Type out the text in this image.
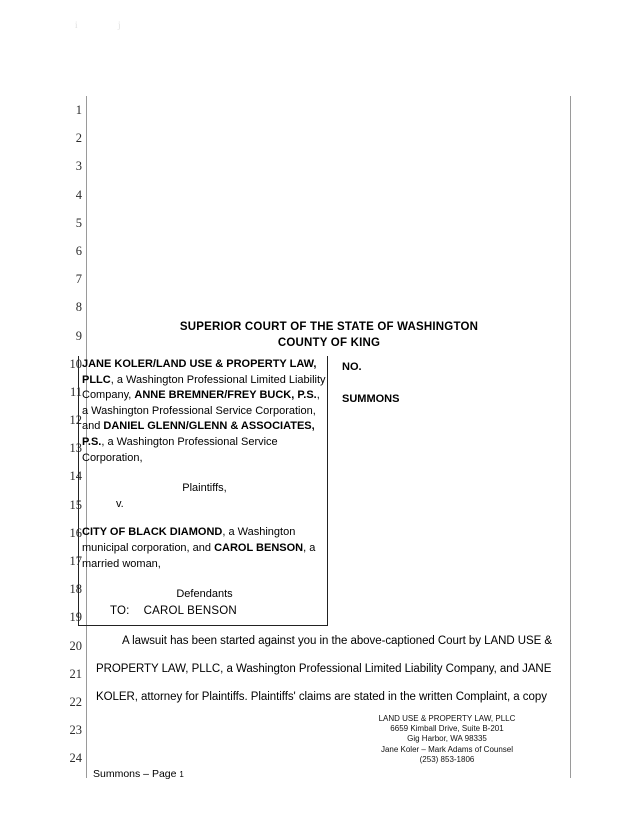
i	j
1
2
3
4
5
6
7
8
9
10
11
12
13
14
15
16
17
18
19
20
21
22
23
24
SUPERIOR COURT OF THE STATE OF WASHINGTON
COUNTY OF KING
JANE KOLER/LAND USE & PROPERTY LAW, PLLC, a Washington Professional Limited Liability Company, ANNE BREMNER/FREY BUCK, P.S., a Washington Professional Service Corporation, and DANIEL GLENN/GLENN & ASSOCIATES, P.S., a Washington Professional Service Corporation,
Plaintiffs,
v.
CITY OF BLACK DIAMOND, a Washington municipal corporation, and CAROL BENSON, a married woman,
Defendants
NO.
SUMMONS
TO: CAROL BENSON
A lawsuit has been started against you in the above-captioned Court by LAND USE & PROPERTY LAW, PLLC, a Washington Professional Limited Liability Company, and JANE KOLER, attorney for Plaintiffs. Plaintiffs' claims are stated in the written Complaint, a copy
LAND USE & PROPERTY LAW, PLLC
6659 Kimball Drive, Suite B-201
Gig Harbor, WA 98335
Jane Koler – Mark Adams of Counsel
(253) 853-1806
Summons – Page 1
